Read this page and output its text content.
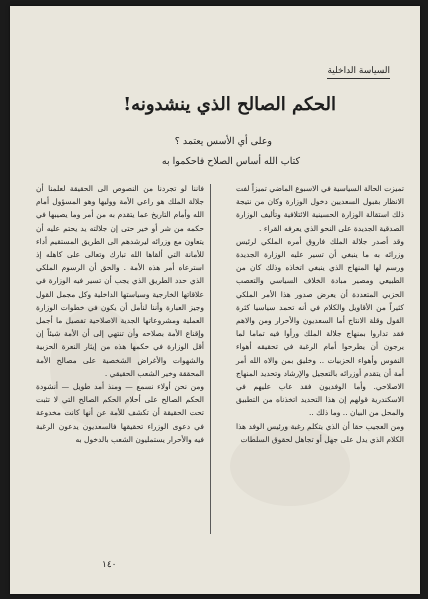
السياسة الداخلية
الحكم الصالح الذي ينشدونه!
وعلى أي الأسس يعتمد ؟
كتاب الله أساس الصلاح فاحكموا به

تميزت الحالة السياسية في الاسبوع الماضي تميزاً لفت الانظار بقبول السعديين دخول الوزارة وكان من نتيجة ذلك استقالة الوزارة الحسينية الائتلافية وتأليف الوزارة الصدقية الجديدة على النحو الذي يعرفه القراء .

وقد أصدر جلالة الملك فاروق أمره الملكي لرئيس وزرائه به ما ينبغي أن تسير عليه الوزارة الجديدة ورسم لها المنهاج الذي ينبغي اتخاذه وذلك كان من الطبيعي ومصير مبادة الخلاف السياسي والتعصب الحزبي المتعددة أن يعرض صدور هذا الأمر الملكي كثيراً من الأقاويل والكلام في أنه تحمد سياسيا كثرة القول وقلة الانتاج أما السعديون والأحرار ومن والاهم فقد تداروا بمنهاج جلالة الملك ورأوا فيه تماما لما يرجون أن يطرحوا أمام الرغبة في تحقيقه أهواء النفوس وأهواء الحزبيات .. وخليق بمن والاه الله أمر أمة أن يتقدم أوزرائه بالتعجيل والإرشاد وتحديد المنهاج الاصلاحي. وأما الوفديون فقد عاب عليهم في الاسكندرية قولهم إن هذا التحديد اتخذناه من التطبيق والمحل من البيان .. وما ذلك ..

ومن العجيب حقا أن الذي يتكلم رغبة ورئيس الوفد هذا الكلام الذي يدل على جهل أو تجاهل لحقوق السلطات

فاننا لو تجردنا من النصوص الى الحقيقة لعلمنا أن جلالة الملك هو راعي الأمة ووليها وهو المسؤول أمام الله وأمام التاريخ عما يتقدم به من أمر وما يصيبها في حكمه من شر أو خير حتى إن جلالته يد يحتم عليه أن يتعاون مع وزرائه ليرشدهم الى الطريق المستقيم أداء للأمانة التي ألقاها الله تبارك وتعالى على كاهله إذ استرعاه أمر هذه الأمة . والحق أن الرسوم الملكي الذي حدد الطريق الذي يجب أن تسير فيه الوزارة في علاقاتها الخارجية وسياستها الداخلية وكل مجمل القول وجيز العبارة وأننا لنأمل أن يكون في خطوات الوزارة العملية ومشروعاتها الجدية الاصلاحية تفصيل ما أجمل وإقناع الأمة بصلاحه وأن تنتهي إلى أن الأمة شيئاً إن أقل الوزارة في حكمها هذه من إيثار النعرة الحزبية والشهوات والأغراض الشخصية على مصالح الأمة المحققة وخير الشعب الحقيقي .

ومن نحن أولاء نسمع — ومنذ أمد طويل — أنشودة الحكم الصالح على أحلام الحكم الصالح التي لا تثبت تحت الحقيقة أن تكشف للأمة عن أنها كانت مخدوعة في دعوى الوزراء تحقيقها فالسعديون يدعون الرغبة فيه والأحرار يستمليون الشعب بالدخول به

١٤٠
